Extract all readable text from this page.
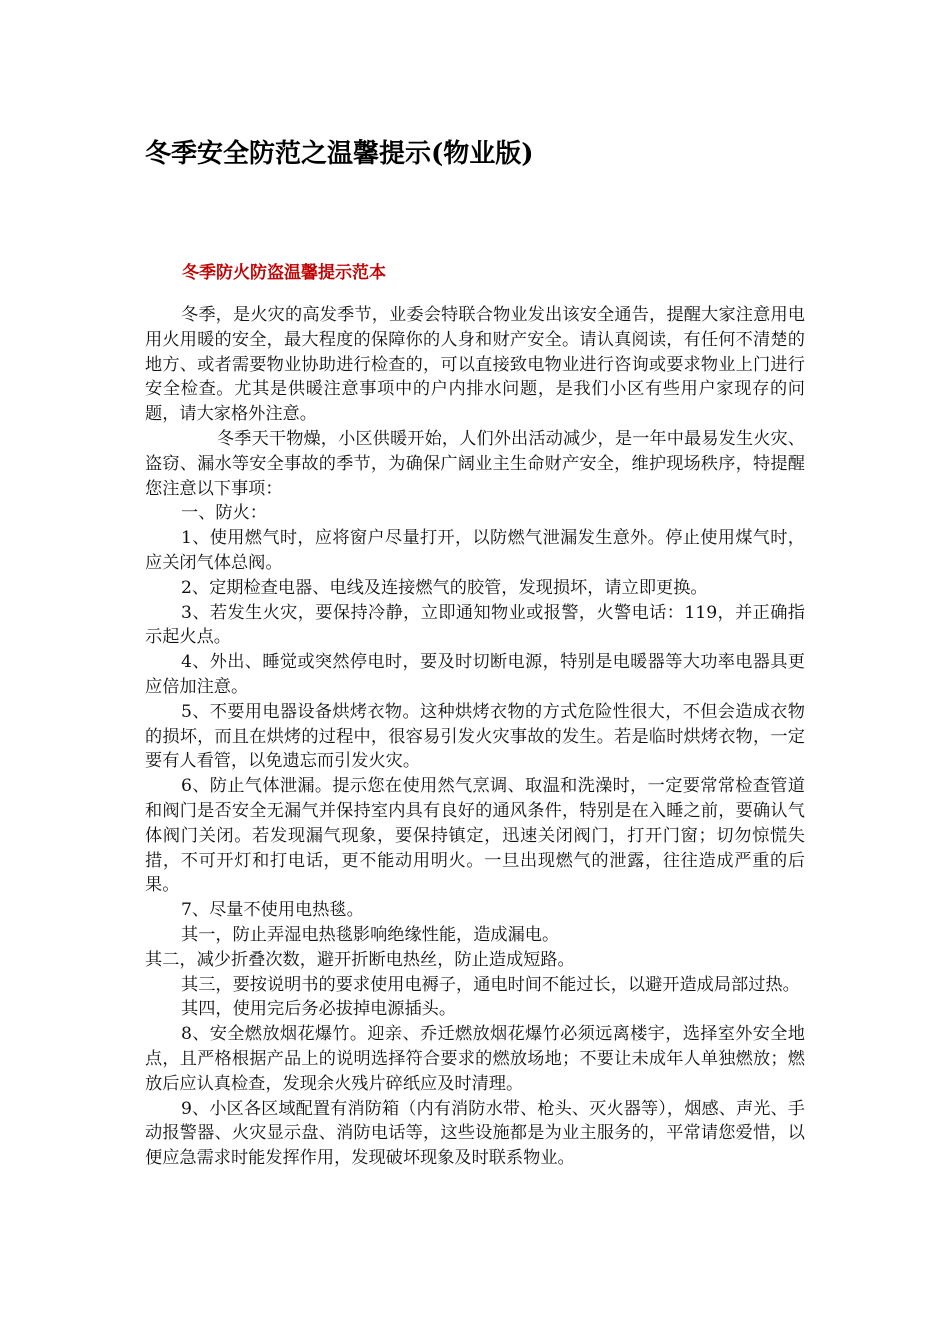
冬季安全防范之温馨提示(物业版)
冬季防火防盗温馨提示范本

冬季，是火灾的高发季节，业委会特联合物业发出该安全通告，提醒大家注意用电用火用暖的安全，最大程度的保障你的人身和财产安全。请认真阅读，有任何不清楚的地方、或者需要物业协助进行检查的，可以直接致电物业进行咨询或要求物业上门进行安全检查。尤其是供暖注意事项中的户内排水问题，是我们小区有些用户家现存的问题，请大家格外注意。

冬季天干物燥，小区供暖开始，人们外出活动减少，是一年中最易发生火灾、盗窃、漏水等安全事故的季节，为确保广阔业主生命财产安全，维护现场秩序，特提醒您注意以下事项：

一、防火：

1、使用燃气时，应将窗户尽量打开，以防燃气泄漏发生意外。停止使用煤气时，应关闭气体总阀。

2、定期检查电器、电线及连接燃气的胶管，发现损坏，请立即更换。

3、若发生火灾，要保持冷静，立即通知物业或报警，火警电话：119，并正确指示起火点。

4、外出、睡觉或突然停电时，要及时切断电源，特别是电暖器等大功率电器具更应倍加注意。

5、不要用电器设备烘烤衣物。这种烘烤衣物的方式危险性很大，不但会造成衣物的损坏，而且在烘烤的过程中，很容易引发火灾事故的发生。若是临时烘烤衣物，一定要有人看管，以免遗忘而引发火灾。

6、防止气体泄漏。提示您在使用然气烹调、取温和洗澡时，一定要常常检查管道和阀门是否安全无漏气并保持室内具有良好的通风条件，特别是在入睡之前，要确认气体阀门关闭。若发现漏气现象，要保持镇定，迅速关闭阀门，打开门窗；切勿惊慌失措，不可开灯和打电话，更不能动用明火。一旦出现燃气的泄露，往往造成严重的后果。

7、尽量不使用电热毯。

其一，防止弄湿电热毯影响绝缘性能，造成漏电。

其二，减少折叠次数，避开折断电热丝，防止造成短路。

其三，要按说明书的要求使用电褥子，通电时间不能过长，以避开造成局部过热。

其四，使用完后务必拔掉电源插头。

8、安全燃放烟花爆竹。迎亲、乔迁燃放烟花爆竹必须远离楼宇，选择室外安全地点，且严格根据产品上的说明选择符合要求的燃放场地；不要让未成年人单独燃放；燃放后应认真检查，发现余火残片碎纸应及时清理。

9、小区各区域配置有消防箱（内有消防水带、枪头、灭火器等），烟感、声光、手动报警器、火灾显示盘、消防电话等，这些设施都是为业主服务的，平常请您爱惜，以便应急需求时能发挥作用，发现破坏现象及时联系物业。
